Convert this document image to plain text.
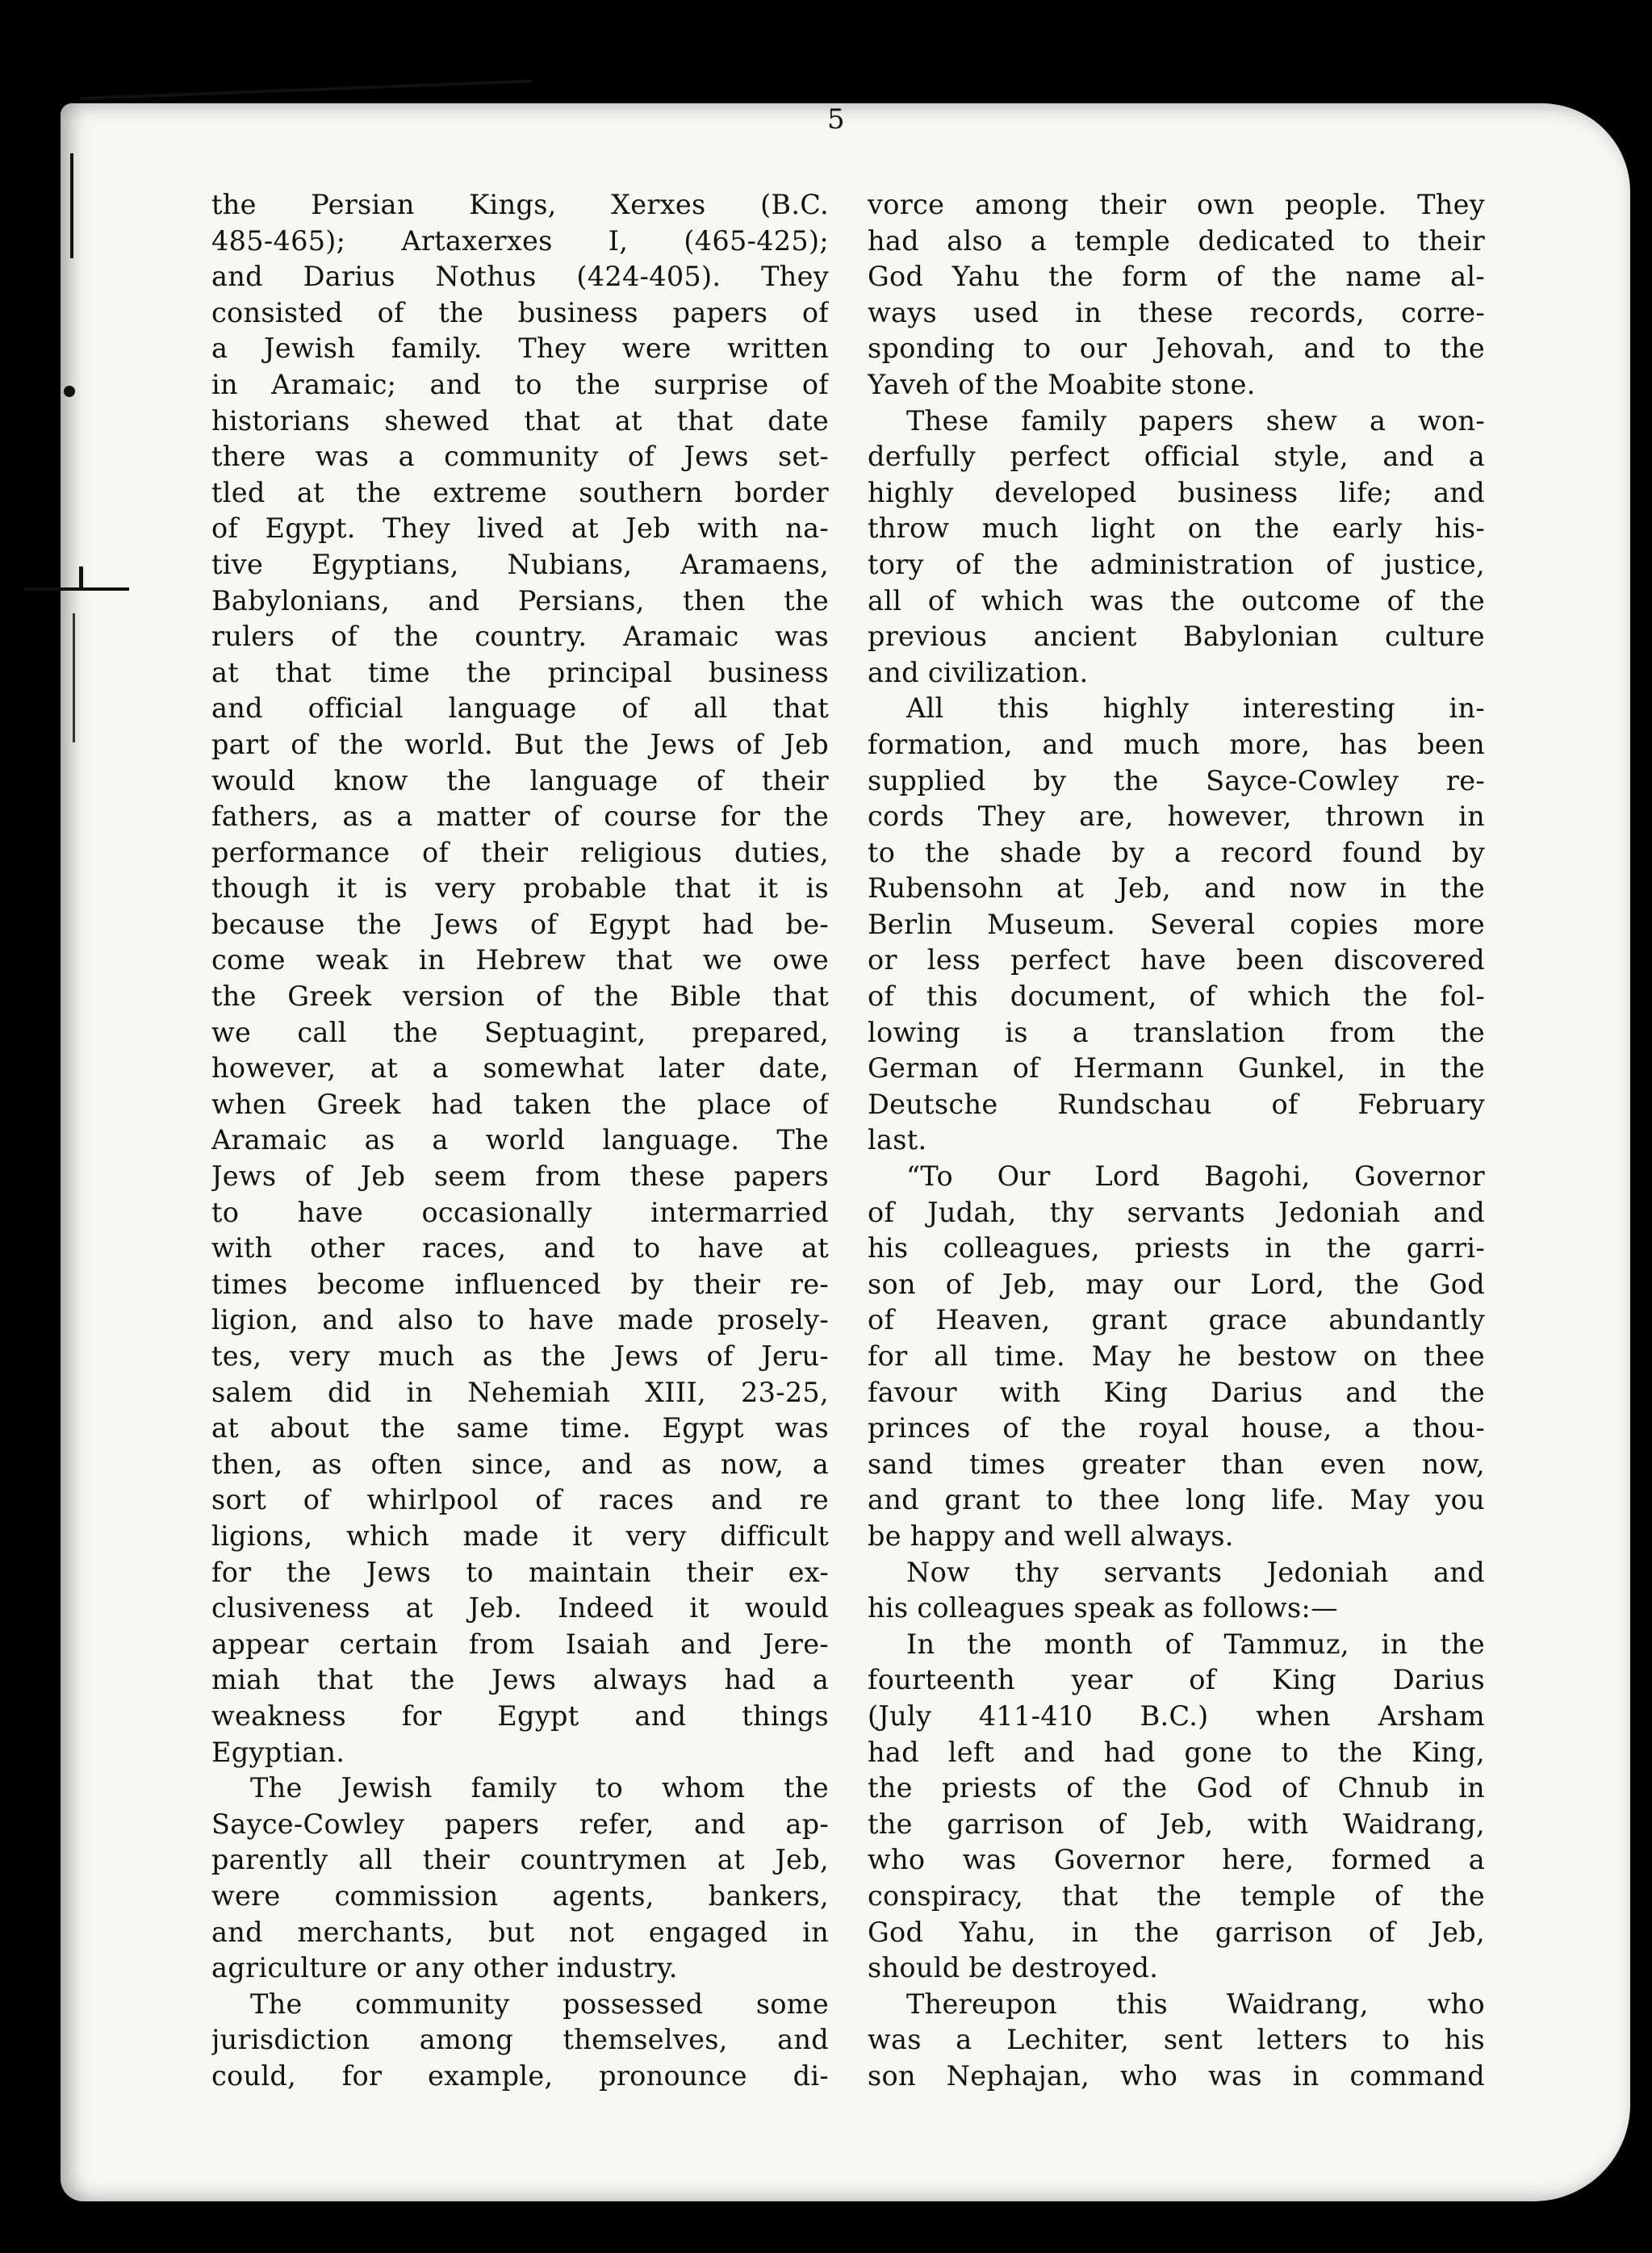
5
the Persian Kings, Xerxes (B.C.
485-465); Artaxerxes I, (465-425);
and Darius Nothus (424-405). They
consisted of the business papers of
a Jewish family. They were written
in Aramaic; and to the surprise of
historians shewed that at that date
there was a community of Jews set-
tled at the extreme southern border
of Egypt. They lived at Jeb with na-
tive Egyptians, Nubians, Aramaens,
Babylonians, and Persians, then the
rulers of the country. Aramaic was
at that time the principal business
and official language of all that
part of the world. But the Jews of Jeb
would know the language of their
fathers, as a matter of course for the
performance of their religious duties,
though it is very probable that it is
because the Jews of Egypt had be-
come weak in Hebrew that we owe
the Greek version of the Bible that
we call the Septuagint, prepared,
however, at a somewhat later date,
when Greek had taken the place of
Aramaic as a world language. The
Jews of Jeb seem from these papers
to have occasionally intermarried
with other races, and to have at
times become influenced by their re-
ligion, and also to have made prosely-
tes, very much as the Jews of Jeru-
salem did in Nehemiah XIII, 23-25,
at about the same time. Egypt was
then, as often since, and as now, a
sort of whirlpool of races and re
ligions, which made it very difficult
for the Jews to maintain their ex-
clusiveness at Jeb. Indeed it would
appear certain from Isaiah and Jere-
miah that the Jews always had a
weakness for Egypt and things
Egyptian.
The Jewish family to whom the
Sayce-Cowley papers refer, and ap-
parently all their countrymen at Jeb,
were commission agents, bankers,
and merchants, but not engaged in
agriculture or any other industry.
The community possessed some
jurisdiction among themselves, and
could, for example, pronounce di-
vorce among their own people. They
had also a temple dedicated to their
God Yahu the form of the name al-
ways used in these records, corre-
sponding to our Jehovah, and to the
Yaveh of the Moabite stone.
These family papers shew a won-
derfully perfect official style, and a
highly developed business life; and
throw much light on the early his-
tory of the administration of justice,
all of which was the outcome of the
previous ancient Babylonian culture
and civilization.
All this highly interesting in-
formation, and much more, has been
supplied by the Sayce-Cowley re-
cords They are, however, thrown in
to the shade by a record found by
Rubensohn at Jeb, and now in the
Berlin Museum. Several copies more
or less perfect have been discovered
of this document, of which the fol-
lowing is a translation from the
German of Hermann Gunkel, in the
Deutsche Rundschau of February
last.
“To Our Lord Bagohi, Governor
of Judah, thy servants Jedoniah and
his colleagues, priests in the garri-
son of Jeb, may our Lord, the God
of Heaven, grant grace abundantly
for all time. May he bestow on thee
favour with King Darius and the
princes of the royal house, a thou-
sand times greater than even now,
and grant to thee long life. May you
be happy and well always.
Now thy servants Jedoniah and
his colleagues speak as follows:—
In the month of Tammuz, in the
fourteenth year of King Darius
(July 411-410 B.C.) when Arsham
had left and had gone to the King,
the priests of the God of Chnub in
the garrison of Jeb, with Waidrang,
who was Governor here, formed a
conspiracy, that the temple of the
God Yahu, in the garrison of Jeb,
should be destroyed.
Thereupon this Waidrang, who
was a Lechiter, sent letters to his
son Nephajan, who was in command
